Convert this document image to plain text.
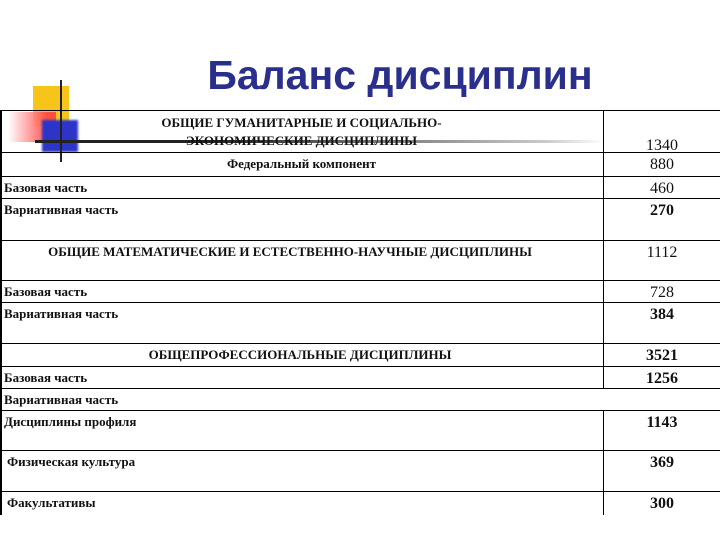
Баланс дисциплин
ОБЩИЕ ГУМАНИТАРНЫЕ И СОЦИАЛЬНО-
ЭКОНОМИЧЕСКИЕ ДИСЦИПЛИНЫ	1340
Федеральный компонент	880
Базовая часть	460
Вариативная часть	270
ОБЩИЕ МАТЕМАТИЧЕСКИЕ И ЕСТЕСТВЕННО-НАУЧНЫЕ ДИСЦИПЛИНЫ	1112
Базовая часть	728
Вариативная часть	384
ОБЩЕПРОФЕССИОНАЛЬНЫЕ ДИСЦИПЛИНЫ	3521
Базовая часть	1256
Вариативная часть
Дисциплины профиля	1143
Физическая культура	369
Факультативы	300
